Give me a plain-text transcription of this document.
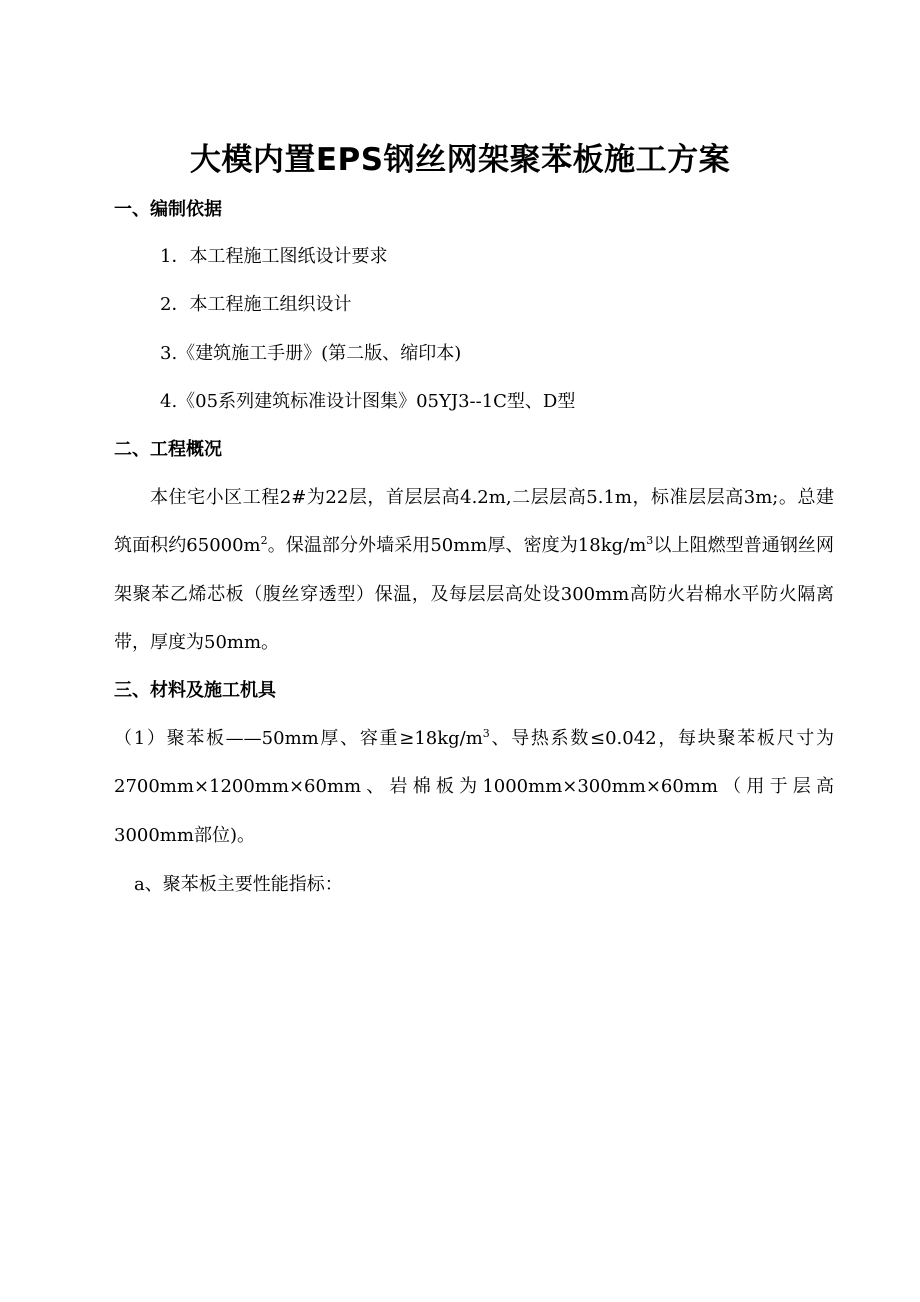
大模内置EPS钢丝网架聚苯板施工方案
一、编制依据
1．本工程施工图纸设计要求
2．本工程施工组织设计
3.《建筑施工手册》(第二版、缩印本)
4.《05系列建筑标准设计图集》05YJ3--1C型、D型
二、工程概况
本住宅小区工程2#为22层，首层层高4.2m,二层层高5.1m，标准层层高3m;。总建筑面积约$65000m^2$。保温部分外墙采用50mm厚、密度为$18kg/m^3$以上阻燃型普通钢丝网架聚苯乙烯芯板（腹丝穿透型）保温，及每层层高处设300mm高防火岩棉水平防火隔离带，厚度为50mm。
三、材料及施工机具
（1）聚苯板——50mm厚、容重$\ge 18kg/m^3$、导热系数≤0.042，每块聚苯板尺寸为2700mm×1200mm×60mm、岩棉板为1000mm×300mm×60mm（用于层高3000mm部位)。
a、聚苯板主要性能指标：
